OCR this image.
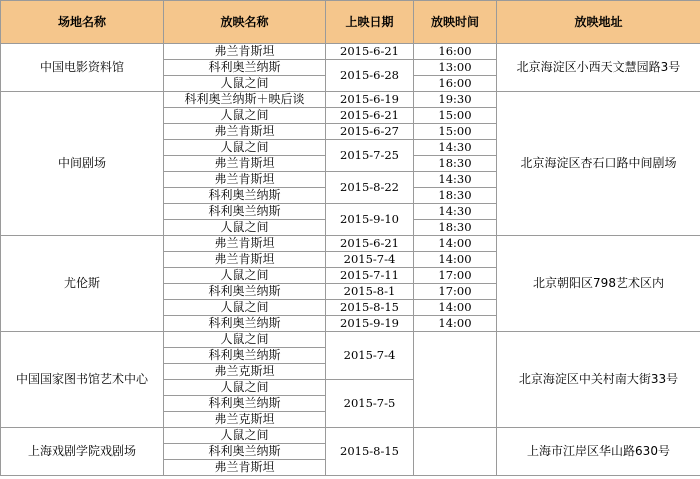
场地名称	放映名称	上映日期	放映时间	放映地址
中国电影资料馆	弗兰肯斯坦	2015-6-21	16:00	北京海淀区小西天文慧园路3号
	科利奥兰纳斯	2015-6-28	13:00	
	人鼠之间		16:00	
中间剧场	科利奥兰纳斯＋映后谈	2015-6-19	19:30	北京海淀区杏石口路中间剧场
	人鼠之间	2015-6-21	15:00	
	弗兰肯斯坦	2015-6-27	15:00	
	人鼠之间	2015-7-25	14:30	
	弗兰肯斯坦		18:30	
	弗兰肯斯坦	2015-8-22	14:30	
	科利奥兰纳斯		18:30	
	科利奥兰纳斯	2015-9-10	14:30	
	人鼠之间		18:30	
尤伦斯	弗兰肯斯坦	2015-6-21	14:00	北京朝阳区798艺术区内
	弗兰肯斯坦	2015-7-4	14:00	
	人鼠之间	2015-7-11	17:00	
	科利奥兰纳斯	2015-8-1	17:00	
	人鼠之间	2015-8-15	14:00	
	科利奥兰纳斯	2015-9-19	14:00	
中国国家图书馆艺术中心	人鼠之间	2015-7-4		北京海淀区中关村南大街33号
	科利奥兰纳斯			
	弗兰克斯坦			
	人鼠之间	2015-7-5		
	科利奥兰纳斯			
	弗兰克斯坦			
上海戏剧学院戏剧场	人鼠之间	2015-8-15		上海市江岸区华山路630号
	科利奥兰纳斯			
	弗兰肯斯坦			
